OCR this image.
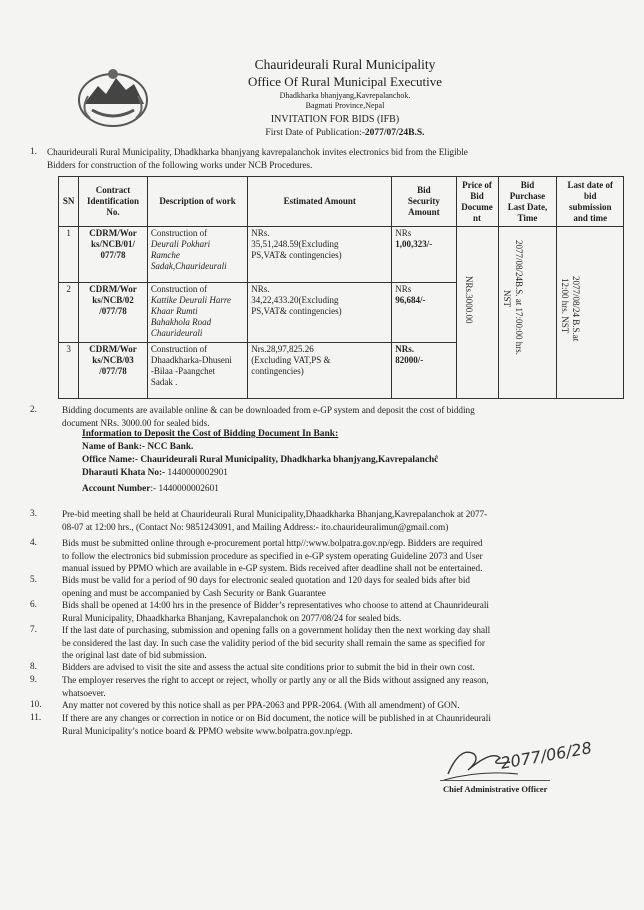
Chaurideurali Rural Municipality
Office Of Rural Municipal Executive
Dhadkharka bhanjyang,Kavrepalanchok.
Bagmati Province,Nepal
INVITATION FOR BIDS (IFB)
First Date of Publication:-2077/07/24B.S.
1. Chaurideurali Rural Municipality, Dhadkharka bhanjyang kavrepalanchok invites electronics bid from the Eligible
Bidders for construction of the following works under NCB Procedures.
SN	Contract
Identification
No.	Description of work	Estimated Amount	Bid
Security
Amount	Price of
Bid
Docume
nt	Bid
Purchase
Last Date,
Time	Last date of
bid
submission
and time
1	CDRM/Wor
ks/NCB/01/
077/78	Construction of
Deurali Pokhari
Ramche
Sadak,Chaurideurali	NRs.
35,51,248.59(Excluding
PS,VAT& contingencies)	NRs
1,00,323/-			
2	CDRM/Wor
ks/NCB/02
/077/78	Construction of
Kattike Deurali Harre
Khaar Rumti
Bahakhola Road
Chaurideurali	NRs.
34,22,433.20(Excluding
PS,VAT& contingencies)	NRs
96,684/-			
3	CDRM/Wor
ks/NCB/03
/077/78	Construction of
Dhaadkharka-Dhuseni
-Bilaa -Paangchet
Sadak .	Nrs.28,97,825.26
(Excluding VAT,PS &
contingencies)	NRs.
82000/-			
NRs.3000.00	2077/08/24B.S. at 17:00:00 hrs.
NST	2077/08/24 B.S.at
12:00 hrs. NST
2.	Bidding documents are available online & can be downloaded from e-GP system and deposit the cost of bidding
document NRs. 3000.00 for sealed bids.
Information to Deposit the Cost of Bidding Document In Bank:
Name of Bank:- NCC Bank.
Office Name:- Chaurideurali Rural Municipality, Dhadkharka bhanjyang,Kavrepalanchĉ
Dharauti Khata No:- 1440000002901
Account Number:- 1440000002601
3.	Pre-bid meeting shall be held at Chaurideurali Rural Municipality,Dhaadkharka Bhanjang,Kavrepalanchok at 2077-
08-07 at 12:00 hrs., (Contact No: 9851243091, and Mailing Address:- ito.chaurideuralimun@gmail.com)
4.	Bids must be submitted online through e-procurement portal http//:www.bolpatra.gov.np/egp. Bidders are required
to follow the electronics bid submission procedure as specified in e-GP system operating Guideline 2073 and User
manual issued by PPMO which are available in e-GP system. Bids received after deadline shall not be entertained.
5.	Bids must be valid for a period of 90 days for electronic sealed quotation and 120 days for sealed bids after bid
opening and must be accompanied by Cash Security or Bank Guarantee
6.	Bids shall be opened at 14:00 hrs in the presence of Bidder’s representatives who choose to attend at Chaunrideurali
Rural Municipality, Dhaadkharka Bhanjang, Kavrepalanchok on 2077/08/24 for sealed bids.
7.	If the last date of purchasing, submission and opening falls on a government holiday then the next working day shall
be considered the last day. In such case the validity period of the bid security shall remain the same as specified for
the original last date of bid submission.
8.	Bidders are advised to visit the site and assess the actual site conditions prior to submit the bid in their own cost.
9.	The employer reserves the right to accept or reject, wholly or partly any or all the Bids without assigned any reason,
whatsoever.
10. Any matter not covered by this notice shall as per PPA-2063 and PPR-2064. (With all amendment) of GON.
11. If there are any changes or correction in notice or on Bid document, the notice will be published in at Chaunrideurali
Rural Municipality’s notice board & PPMO website www.bolpatra.gov.np/egp.
2077/06/28
Chief Administrative Officer
